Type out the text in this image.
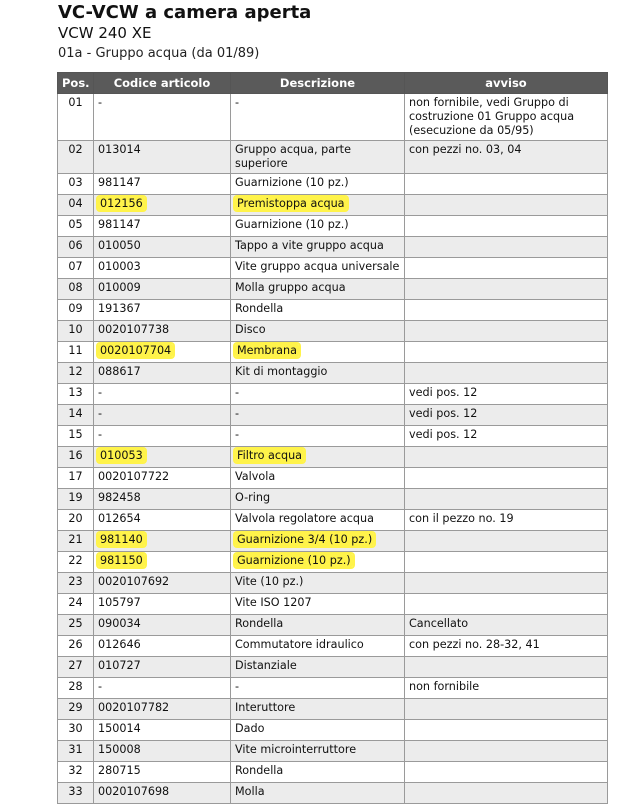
VC-VCW a camera aperta
VCW 240 XE
01a - Gruppo acqua (da 01/89)
Pos.	Codice articolo	Descrizione	avviso
01	-	-	non fornibile, vedi Gruppo di costruzione 01 Gruppo acqua (esecuzione da 05/95)
02	013014	Gruppo acqua, parte superiore	con pezzi no. 03, 04
03	981147	Guarnizione (10 pz.)	
04	012156	Premistoppa acqua	
05	981147	Guarnizione (10 pz.)	
06	010050	Tappo a vite gruppo acqua	
07	010003	Vite gruppo acqua universale	
08	010009	Molla gruppo acqua	
09	191367	Rondella	
10	0020107738	Disco	
11	0020107704	Membrana	
12	088617	Kit di montaggio	
13	-	-	vedi pos. 12
14	-	-	vedi pos. 12
15	-	-	vedi pos. 12
16	010053	Filtro acqua	
17	0020107722	Valvola	
19	982458	O-ring	
20	012654	Valvola regolatore acqua	con il pezzo no. 19
21	981140	Guarnizione 3/4 (10 pz.)	
22	981150	Guarnizione (10 pz.)	
23	0020107692	Vite (10 pz.)	
24	105797	Vite ISO 1207	
25	090034	Rondella	Cancellato
26	012646	Commutatore idraulico	con pezzi no. 28-32, 41
27	010727	Distanziale	
28	-	-	non fornibile
29	0020107782	Interuttore	
30	150014	Dado	
31	150008	Vite microinterruttore	
32	280715	Rondella	
33	0020107698	Molla	
